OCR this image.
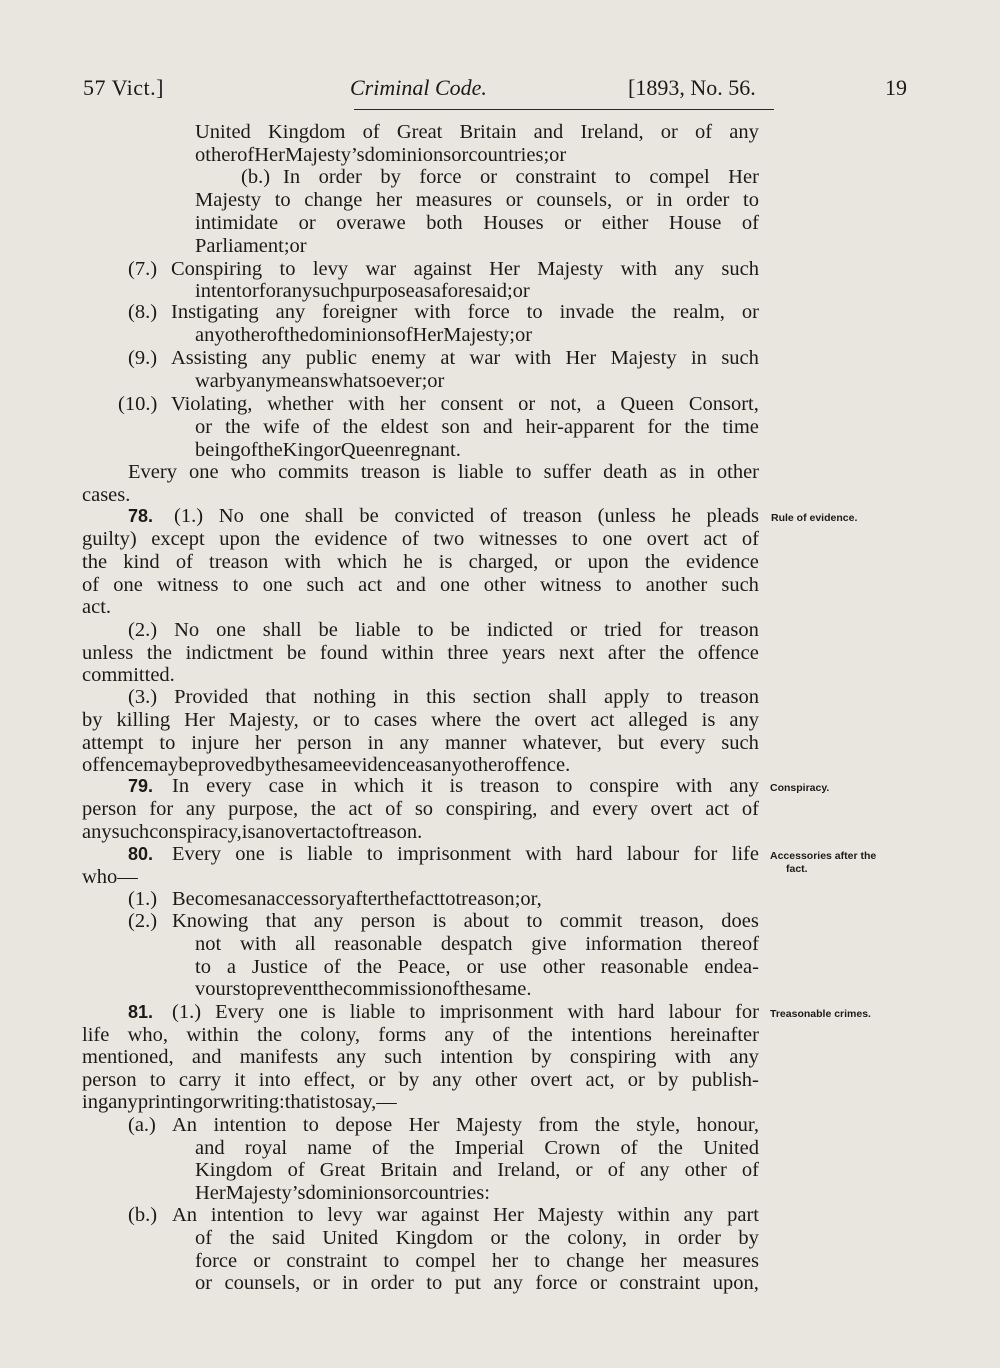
57 Vict.]	Criminal Code.	[1893, No. 56.	19
(b.)
(7.)
(8.)
(9.)
(10.)
78.
79.
80.
(1.)
(2.)
81.
(a.)
(b.)
United Kingdom of Great Britain and Ireland, or of any
other of Her Majesty’s dominions or countries ; or
In order by force or constraint to compel Her
Majesty to change her measures or counsels, or in order to
intimidate or overawe both Houses or either House of
Parliament ; or
Conspiring to levy war against Her Majesty with any such
intent or for any such purpose as aforesaid ; or
Instigating any foreigner with force to invade the realm, or
any other of the dominions of Her Majesty ; or
Assisting any public enemy at war with Her Majesty in such
war by any means whatsoever ; or
Violating, whether with her consent or not, a Queen Consort,
or the wife of the eldest son and heir-apparent for the time
being of the King or Queen regnant.
Every one who commits treason is liable to suffer death as in other
cases.
(1.) No one shall be convicted of treason (unless he pleads
guilty) except upon the evidence of two witnesses to one overt act of
the kind of treason with which he is charged, or upon the evidence
of one witness to one such act and one other witness to another such
act.
(2.) No one shall be liable to be indicted or tried for treason
unless the indictment be found within three years next after the offence
committed.
(3.) Provided that nothing in this section shall apply to treason
by killing Her Majesty, or to cases where the overt act alleged is any
attempt to injure her person in any manner whatever, but every such
offence may be proved by the same evidence as any other offence.
In every case in which it is treason to conspire with any
person for any purpose, the act of so conspiring, and every overt act of
any such conspiracy, is an overt act of treason.
Every one is liable to imprisonment with hard labour for life
who—
Becomes an accessory after the fact to treason ; or,
Knowing that any person is about to commit treason, does
not with all reasonable despatch give information thereof
to a Justice of the Peace, or use other reasonable endea-
vours to prevent the commission of the same.
(1.) Every one is liable to imprisonment with hard labour for
life who, within the colony, forms any of the intentions hereinafter
mentioned, and manifests any such intention by conspiring with any
person to carry it into effect, or by any other overt act, or by publish-
ing any printing or writing : that is to say,—
An intention to depose Her Majesty from the style, honour,
and royal name of the Imperial Crown of the United
Kingdom of Great Britain and Ireland, or of any other of
Her Majesty’s dominions or countries :
An intention to levy war against Her Majesty within any part
of the said United Kingdom or the colony, in order by
force or constraint to compel her to change her measures
or counsels, or in order to put any force or constraint upon,
Rule of evidence.
Conspiracy.
Accessories after the
fact.
Treasonable crimes.
